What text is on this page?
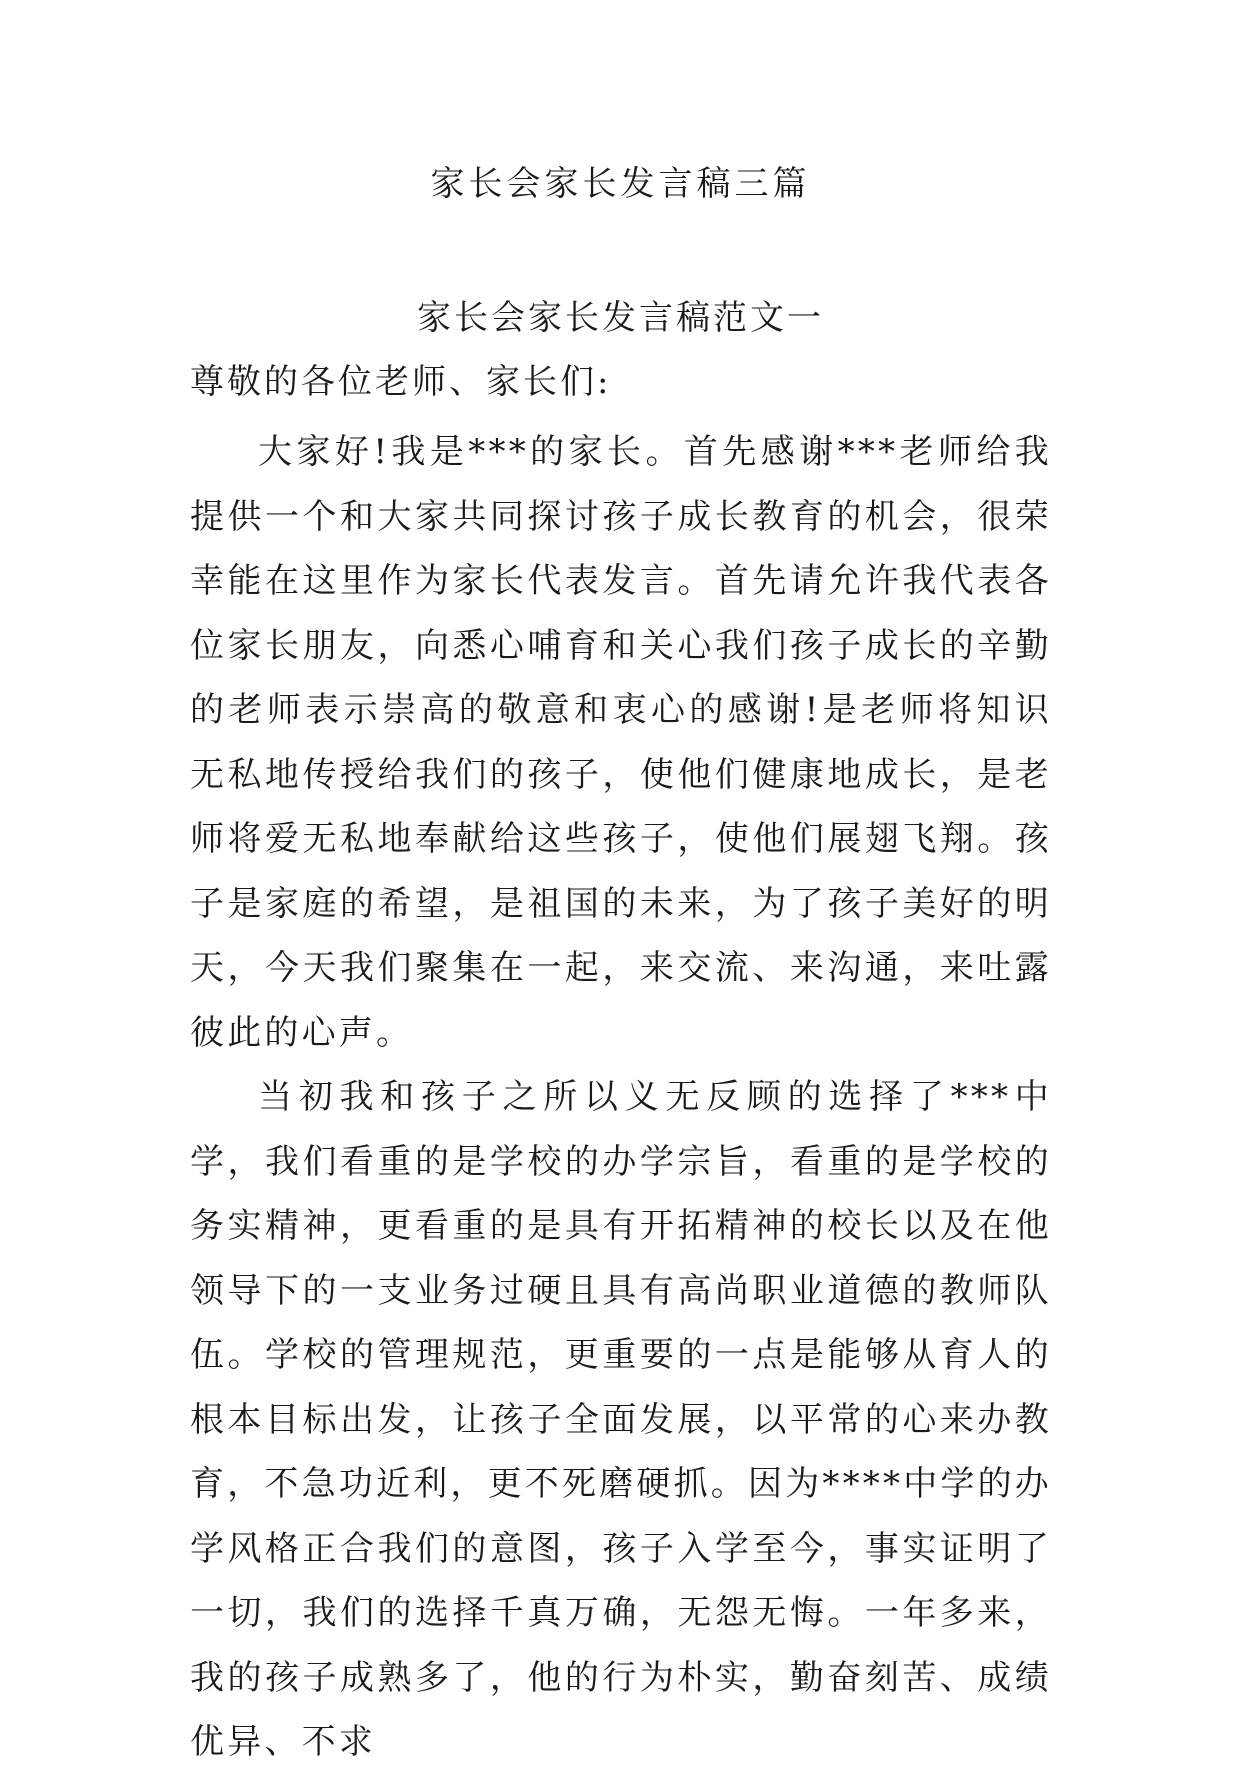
家长会家长发言稿三篇
家长会家长发言稿范文一
尊敬的各位老师、家长们:

大家好!我是***的家长。首先感谢***老师给我提供一个和大家共同探讨孩子成长教育的机会，很荣幸能在这里作为家长代表发言。首先请允许我代表各位家长朋友，向悉心哺育和关心我们孩子成长的辛勤的老师表示崇高的敬意和衷心的感谢!是老师将知识无私地传授给我们的孩子，使他们健康地成长，是老师将爱无私地奉献给这些孩子，使他们展翅飞翔。孩子是家庭的希望，是祖国的未来，为了孩子美好的明天，今天我们聚集在一起，来交流、来沟通，来吐露彼此的心声。

当初我和孩子之所以义无反顾的选择了***中学，我们看重的是学校的办学宗旨，看重的是学校的务实精神，更看重的是具有开拓精神的校长以及在他领导下的一支业务过硬且具有高尚职业道德的教师队伍。学校的管理规范，更重要的一点是能够从育人的根本目标出发，让孩子全面发展，以平常的心来办教育，不急功近利，更不死磨硬抓。因为****中学的办学风格正合我们的意图，孩子入学至今，事实证明了一切，我们的选择千真万确，无怨无悔。一年多来，我的孩子成熟多了，他的行为朴实，勤奋刻苦、成绩优异、不求
